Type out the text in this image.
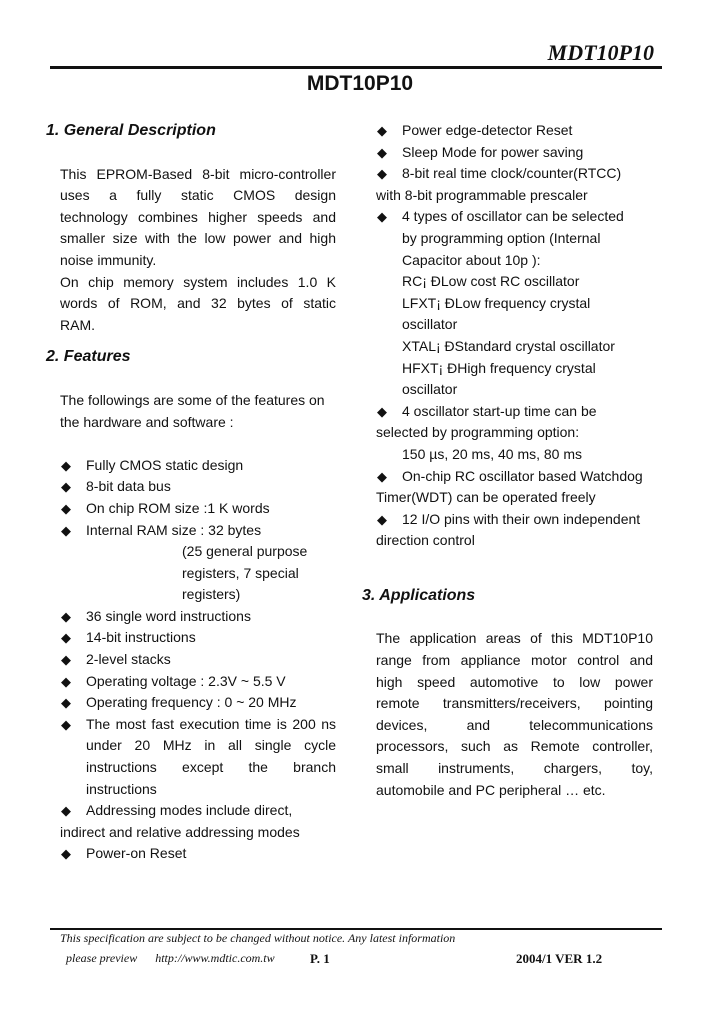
MDT10P10
MDT10P10
1. General Description

This EPROM-Based 8-bit micro-controller

uses a fully static CMOS design

technology combines higher speeds and

smaller size with the low power and high

noise immunity.

On chip memory system includes 1.0 K

words of ROM, and 32 bytes of static

RAM.

2. Features

The followings are some of the features on

the hardware and software :

◆ Fully CMOS static design
◆ 8-bit data bus
◆ On chip ROM size :1 K words
◆ Internal RAM size : 32 bytes

(25 general purpose

registers, 7 special

registers)

◆ 36 single word instructions
◆ 14-bit instructions
◆ 2-level stacks
◆ Operating voltage : 2.3V ~ 5.5 V
◆ Operating frequency : 0 ~ 20 MHz
◆ The most fast execution time is 200 ns

under 20 MHz in all single cycle

instructions except the branch

instructions

◆ Addressing modes include direct,

indirect and relative addressing modes

◆ Power-on Reset
◆ Power edge-detector Reset
◆ Sleep Mode for power saving
◆ 8-bit real time clock/counter(RTCC)

with 8-bit programmable prescaler

◆ 4 types of oscillator can be selected

by programming option (Internal

Capacitor about 10p ):

RC¡ ÐLow cost RC oscillator

LFXT¡ ÐLow frequency crystal

oscillator

XTAL¡ ÐStandard crystal oscillator

HFXT¡ ÐHigh frequency crystal

oscillator

◆ 4 oscillator start-up time can be

selected by programming option:

150 µs, 20 ms, 40 ms, 80 ms

◆ On-chip RC oscillator based Watchdog

Timer(WDT) can be operated freely

◆ 12 I/O pins with their own independent

direction control

3. Applications

The application areas of this MDT10P10

range from appliance motor control and

high speed automotive to low power

remote transmitters/receivers, pointing

devices, and telecommunications

processors, such as Remote controller,

small instruments, chargers, toy,

automobile and PC peripheral … etc.

This specification are subject to be changed without notice. Any latest information
please preview http://www.mdtic.com.tw	P. 1	2004/1 VER 1.2
